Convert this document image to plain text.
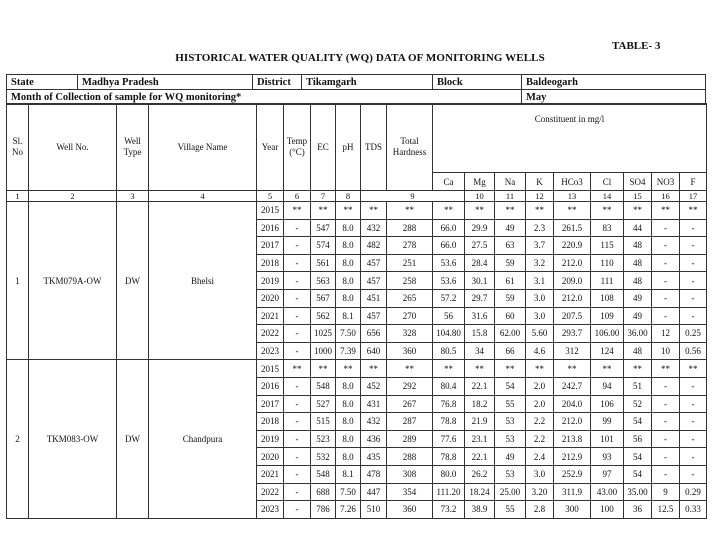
TABLE- 3
HISTORICAL WATER QUALITY (WQ) DATA OF MONITORING WELLS
State	Madhya Pradesh	District	Tikamgarh	Block	Baldeogarh
Month of Collection of sample for WQ monitoring*					May
Sl. No	Well No.	Well Type	Village Name	Year	Temp (°C)	EC	pH	TDS	Total Hardness	Constituent in mg/l								
										Ca	Mg	Na	K	HCo3	Cl	SO4	NO3	F
1	2	3	4	5	6	7	8	9			10	11	12	13	14	15	16	17
1	TKM079A-OW	DW	Bhelsi	2015	**	**	**	**	**	**	**	**	**	**	**	**	**	**
				2016	-	547	8.0	432	288	66.0	29.9	49	2.3	261.5	83	44	-	-
				2017	-	574	8.0	482	278	66.0	27.5	63	3.7	220.9	115	48	-	-
				2018	-	561	8.0	457	251	53.6	28.4	59	3.2	212.0	110	48	-	-
				2019	-	563	8.0	457	258	53.6	30.1	61	3.1	209.0	111	48	-	-
				2020	-	567	8.0	451	265	57.2	29.7	59	3.0	212.0	108	49	-	-
				2021	-	562	8.1	457	270	56	31.6	60	3.0	207.5	109	49	-	-
				2022	-	1025	7.50	656	328	104.80	15.8	62.00	5.60	293.7	106.00	36.00	12	0.25
				2023	-	1000	7.39	640	360	80.5	34	66	4.6	312	124	48	10	0.56
2	TKM083-OW	DW	Chandpura	2015	**	**	**	**	**	**	**	**	**	**	**	**	**	**
				2016	-	548	8.0	452	292	80.4	22.1	54	2.0	242.7	94	51	-	-
				2017	-	527	8.0	431	267	76.8	18.2	55	2.0	204.0	106	52	-	-
				2018	-	515	8.0	432	287	78.8	21.9	53	2.2	212.0	99	54	-	-
				2019	-	523	8.0	436	289	77.6	23.1	53	2.2	213.8	101	56	-	-
				2020	-	532	8.0	435	288	78.8	22.1	49	2.4	212.9	93	54	-	-
				2021	-	548	8.1	478	308	80.0	26.2	53	3.0	252.9	97	54	-	-
				2022	-	688	7.50	447	354	111.20	18.24	25.00	3.20	311.9	43.00	35.00	9	0.29
				2023	-	786	7.26	510	360	73.2	38.9	55	2.8	300	100	36	12.5	0.33
